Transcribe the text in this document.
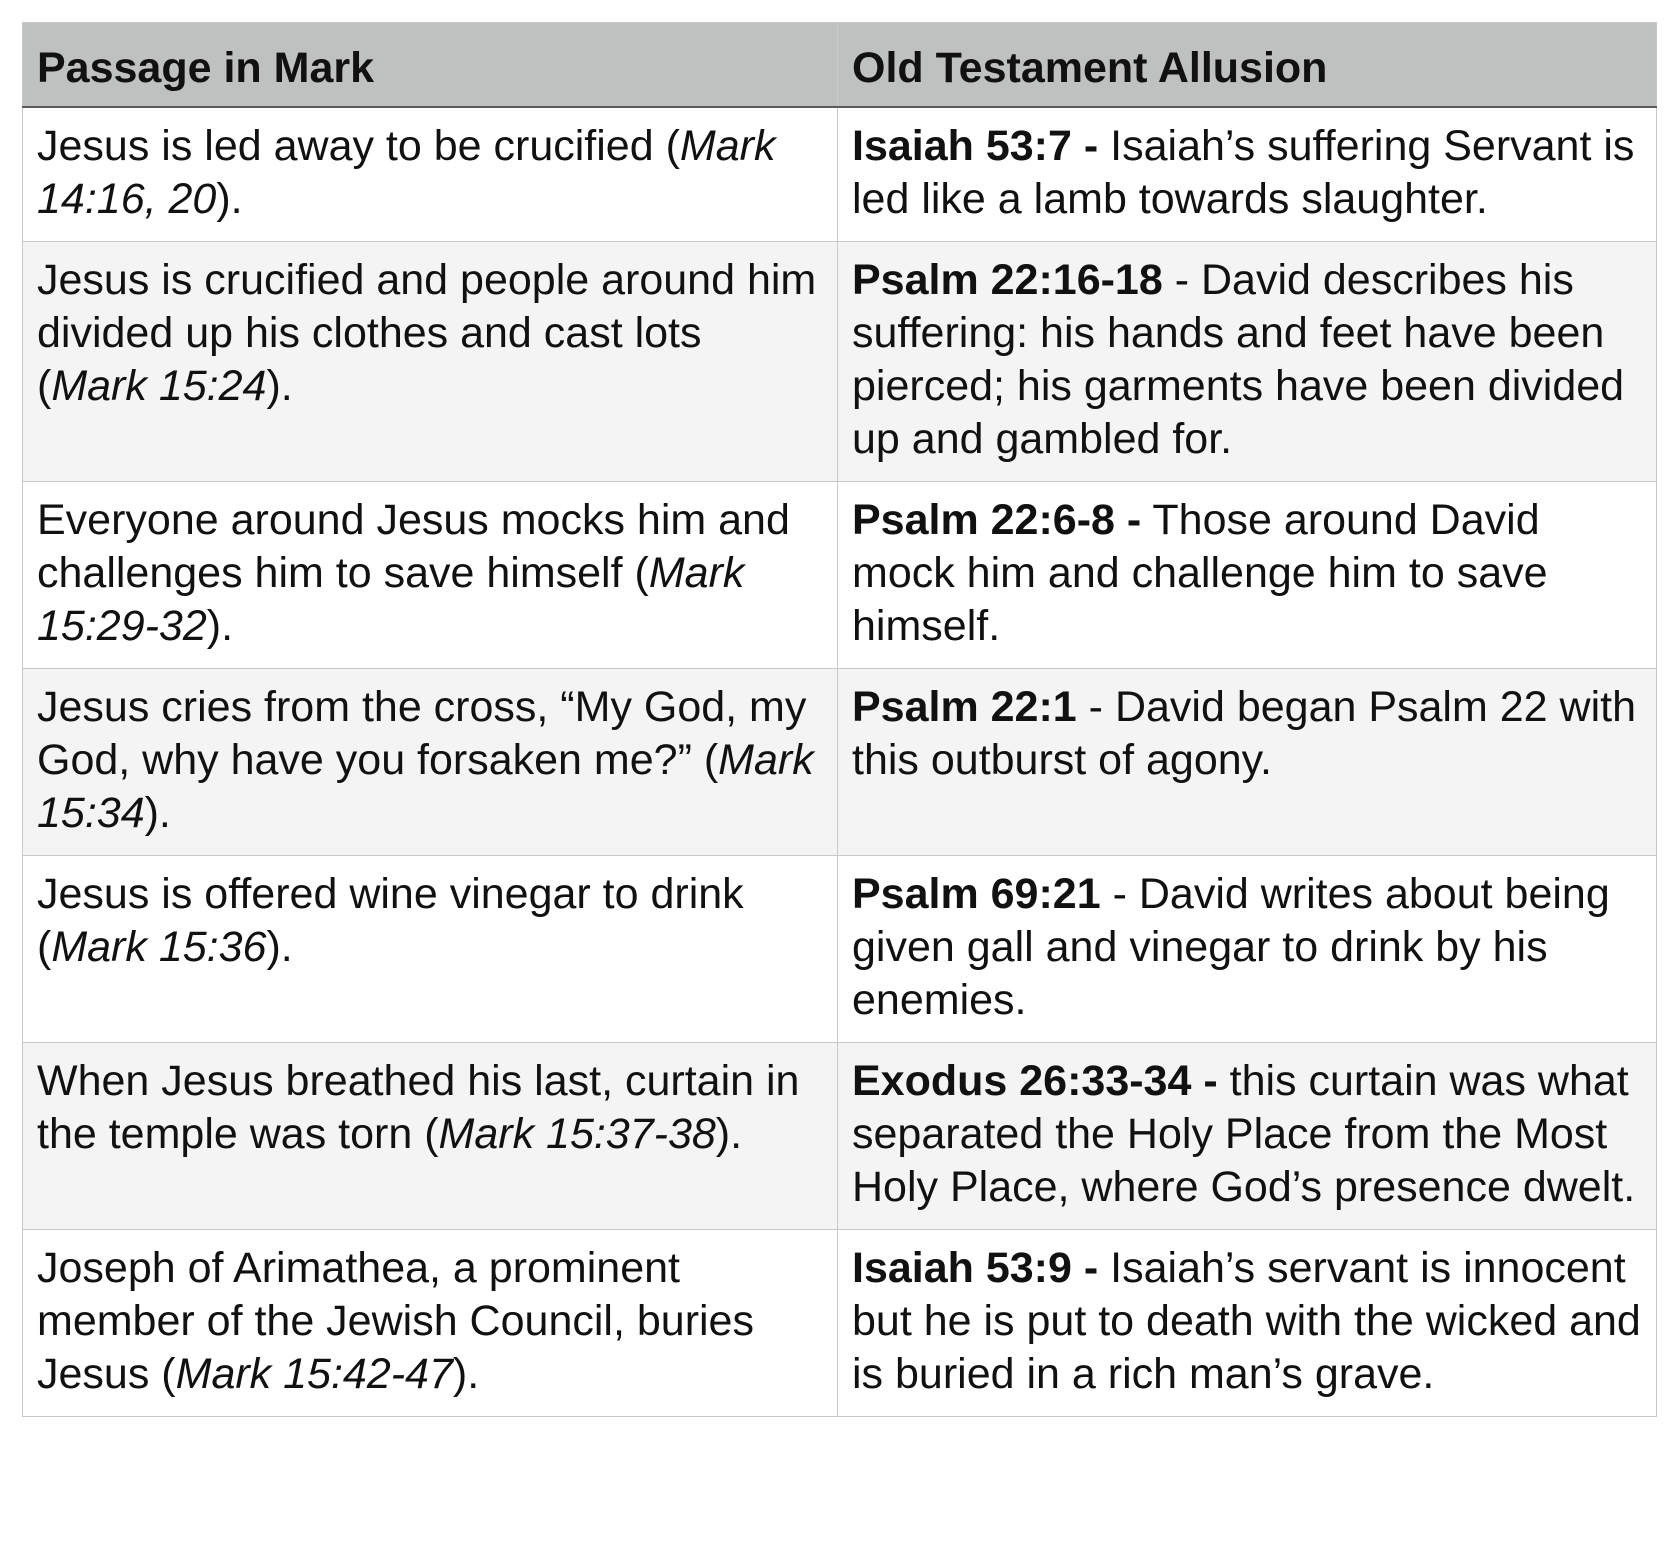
Passage in Mark	Old Testament Allusion
Jesus is led away to be crucified (Mark 14:16, 20).	Isaiah 53:7 - Isaiah’s suffering Servant is led like a lamb towards slaughter.
Jesus is crucified and people around him divided up his clothes and cast lots (Mark 15:24).	Psalm 22:16-18 - David describes his suffering: his hands and feet have been pierced; his garments have been divided up and gambled for.
Everyone around Jesus mocks him and challenges him to save himself (Mark 15:29-32).	Psalm 22:6-8 - Those around David mock him and challenge him to save himself.
Jesus cries from the cross, “My God, my God, why have you forsaken me?” (Mark 15:34).	Psalm 22:1 - David began Psalm 22 with this outburst of agony.
Jesus is offered wine vinegar to drink (Mark 15:36).	Psalm 69:21 - David writes about being given gall and vinegar to drink by his enemies.
When Jesus breathed his last, curtain in the temple was torn (Mark 15:37-38).	Exodus 26:33-34 - this curtain was what separated the Holy Place from the Most Holy Place, where God’s presence dwelt.
Joseph of Arimathea, a prominent member of the Jewish Council, buries Jesus (Mark 15:42-47).	Isaiah 53:9 - Isaiah’s servant is innocent but he is put to death with the wicked and is buried in a rich man’s grave.
